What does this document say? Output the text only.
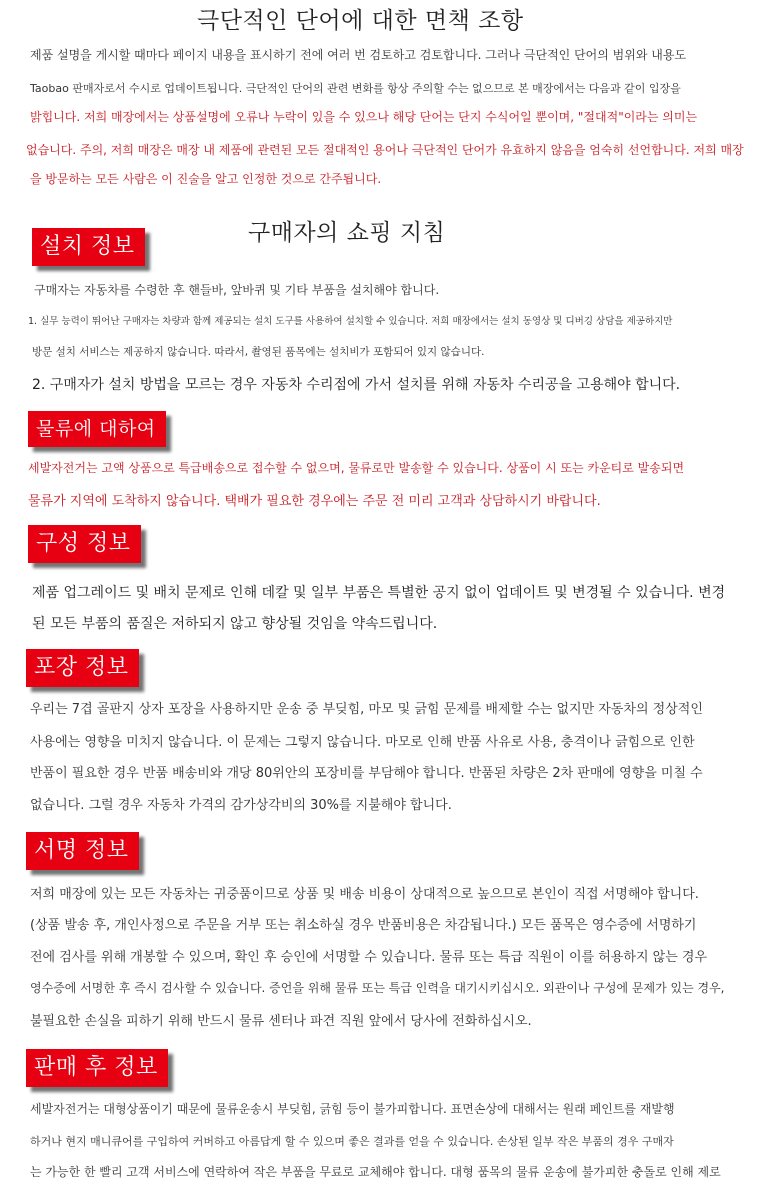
극단적인 단어에 대한 면책 조항
제품 설명을 게시할 때마다 페이지 내용을 표시하기 전에 여러 번 검토하고 검토합니다. 그러나 극단적인 단어의 범위와 내용도
Taobao 판매자로서 수시로 업데이트됩니다. 극단적인 단어의 관련 변화를 항상 주의할 수는 없으므로 본 매장에서는 다음과 같이 입장을
밝힙니다. 저희 매장에서는 상품설명에 오류나 누락이 있을 수 있으나 해당 단어는 단지 수식어일 뿐이며, "절대적"이라는 의미는
없습니다. 주의, 저희 매장은 매장 내 제품에 관련된 모든 절대적인 용어나 극단적인 단어가 유효하지 않음을 엄숙히 선언합니다. 저희 매장
을 방문하는 모든 사람은 이 진술을 알고 인정한 것으로 간주됩니다.
구매자의 쇼핑 지침
설치 정보
구매자는 자동차를 수령한 후 핸들바, 앞바퀴 및 기타 부품을 설치해야 합니다.
1. 실무 능력이 뛰어난 구매자는 차량과 함께 제공되는 설치 도구를 사용하여 설치할 수 있습니다. 저희 매장에서는 설치 동영상 및 디버깅 상담을 제공하지만
방문 설치 서비스는 제공하지 않습니다. 따라서, 촬영된 품목에는 설치비가 포함되어 있지 않습니다.
2. 구매자가 설치 방법을 모르는 경우 자동차 수리점에 가서 설치를 위해 자동차 수리공을 고용해야 합니다.
물류에 대하여
세발자전거는 고액 상품으로 특급배송으로 접수할 수 없으며, 물류로만 발송할 수 있습니다. 상품이 시 또는 카운티로 발송되면
물류가 지역에 도착하지 않습니다. 택배가 필요한 경우에는 주문 전 미리 고객과 상담하시기 바랍니다.
구성 정보
제품 업그레이드 및 배치 문제로 인해 데칼 및 일부 부품은 특별한 공지 없이 업데이트 및 변경될 수 있습니다. 변경
된 모든 부품의 품질은 저하되지 않고 향상될 것임을 약속드립니다.
포장 정보
우리는 7겹 골판지 상자 포장을 사용하지만 운송 중 부딪힘, 마모 및 긁힘 문제를 배제할 수는 없지만 자동차의 정상적인
사용에는 영향을 미치지 않습니다. 이 문제는 그렇지 않습니다. 마모로 인해 반품 사유로 사용, 충격이나 긁힘으로 인한
반품이 필요한 경우 반품 배송비와 개당 80위안의 포장비를 부담해야 합니다. 반품된 차량은 2차 판매에 영향을 미칠 수
없습니다. 그럴 경우 자동차 가격의 감가상각비의 30%를 지불해야 합니다.
서명 정보
저희 매장에 있는 모든 자동차는 귀중품이므로 상품 및 배송 비용이 상대적으로 높으므로 본인이 직접 서명해야 합니다.
(상품 발송 후, 개인사정으로 주문을 거부 또는 취소하실 경우 반품비용은 차감됩니다.) 모든 품목은 영수증에 서명하기
전에 검사를 위해 개봉할 수 있으며, 확인 후 승인에 서명할 수 있습니다. 물류 또는 특급 직원이 이를 허용하지 않는 경우
영수증에 서명한 후 즉시 검사할 수 있습니다. 증언을 위해 물류 또는 특급 인력을 대기시키십시오. 외관이나 구성에 문제가 있는 경우,
불필요한 손실을 피하기 위해 반드시 물류 센터나 파견 직원 앞에서 당사에 전화하십시오.
판매 후 정보
세발자전거는 대형상품이기 때문에 물류운송시 부딪힘, 긁힘 등이 불가피합니다. 표면손상에 대해서는 원래 페인트를 재발행
하거나 현지 매니큐어를 구입하여 커버하고 아름답게 할 수 있으며 좋은 결과를 얻을 수 있습니다. 손상된 일부 작은 부품의 경우 구매자
는 가능한 한 빨리 고객 서비스에 연락하여 작은 부품을 무료로 교체해야 합니다. 대형 품목의 물류 운송에 불가피한 충돌로 인해 제로
